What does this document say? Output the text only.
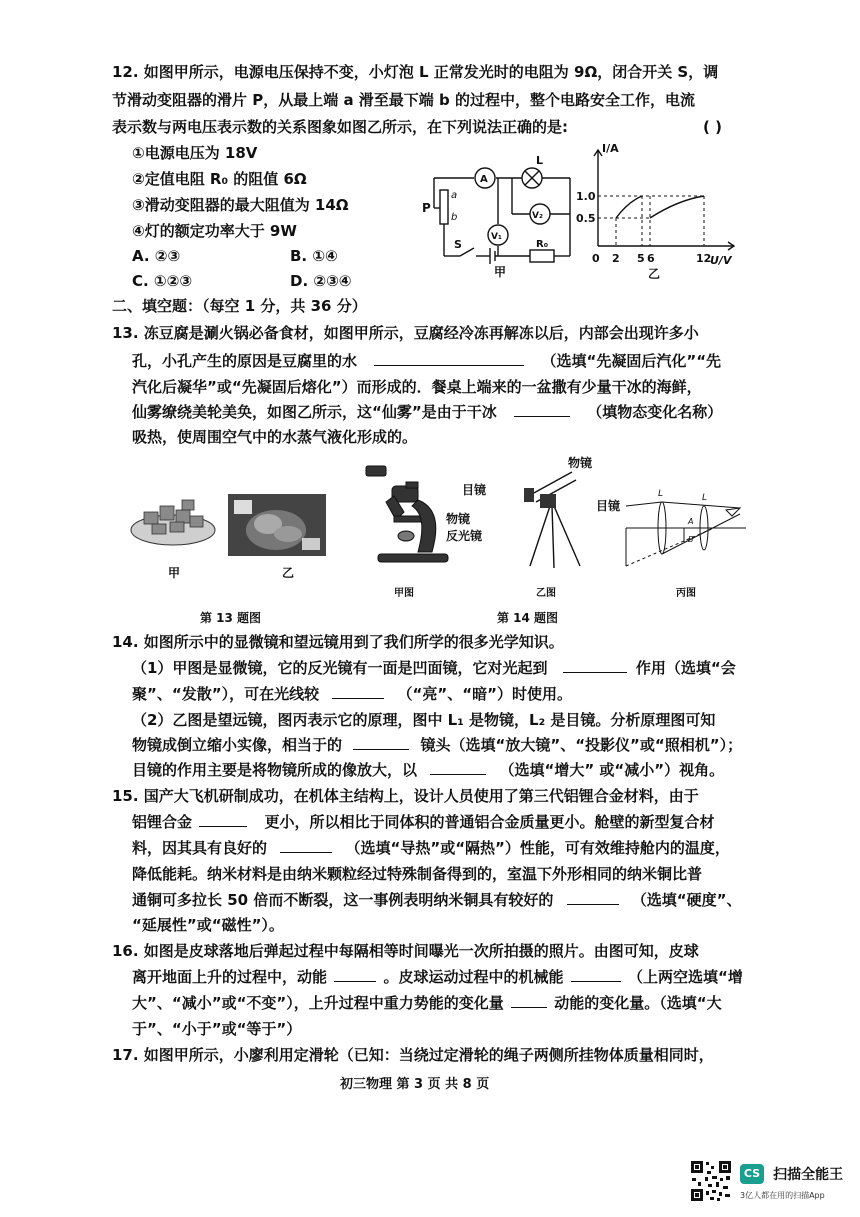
12. 如图甲所示，电源电压保持不变，小灯泡 L 正常发光时的电阻为 9Ω，闭合开关 S，调
节滑动变阻器的滑片 P，从最上端 a 滑至最下端 b 的过程中，整个电路安全工作，电流
表示数与两电压表示数的关系图象如图乙所示，在下列说法正确的是:	( )
①电源电压为 18V
②定值电阻 R₀ 的阻值 6Ω
③滑动变阻器的最大阻值为 14Ω
④灯的额定功率大于 9W
A. ②③	B. ①④
C. ①②③	D. ②③④
A
L
V₂
V₁
R₀
a
b
P
S
甲
I/A
U/V
1.0
0.5
0 2 5 6	12
乙
二、填空题：（每空 1 分，共 36 分）
13. 冻豆腐是涮火锅必备食材，如图甲所示，豆腐经冷冻再解冻以后，内部会出现许多小
孔，小孔产生的原因是豆腐里的水	（选填“先凝固后汽化”“先
汽化后凝华”或“先凝固后熔化”）而形成的．餐桌上端来的一盆撒有少量干冰的海鲜，
仙雾缭绕美轮美奂，如图乙所示，这“仙雾”是由于干冰	（填物态变化名称）
吸热，使周围空气中的水蒸气液化形成的。
甲	乙
目镜
物镜
反光镜
甲图
物镜
目镜
乙图
L	L
A
B
丙图
第 13 题图	第 14 题图
14. 如图所示中的显微镜和望远镜用到了我们所学的很多光学知识。
（1）甲图是显微镜，它的反光镜有一面是凹面镜，它对光起到	作用（选填“会
聚”、“发散”），可在光线较	（“亮”、“暗”）时使用。
（2）乙图是望远镜，图丙表示它的原理，图中 L₁ 是物镜，L₂ 是目镜。分析原理图可知
物镜成倒立缩小实像，相当于的	镜头（选填“放大镜”、“投影仪”或“照相机”）；
目镜的作用主要是将物镜所成的像放大，以	（选填“增大” 或“减小”）视角。
15. 国产大飞机研制成功，在机体主结构上，设计人员使用了第三代铝锂合金材料，由于
铝锂合金	更小，所以相比于同体积的普通铝合金质量更小。舱壁的新型复合材
料，因其具有良好的	（选填“导热”或“隔热”）性能，可有效维持舱内的温度，
降低能耗。纳米材料是由纳米颗粒经过特殊制备得到的，室温下外形相同的纳米铜比普
通铜可多拉长 50 倍而不断裂，这一事例表明纳米铜具有较好的	（选填“硬度”、
“延展性”或“磁性”）。
16. 如图是皮球落地后弹起过程中每隔相等时间曝光一次所拍摄的照片。由图可知，皮球
离开地面上升的过程中，动能	。皮球运动过程中的机械能	（上两空选填“增
大”、“减小”或“不变”），上升过程中重力势能的变化量	动能的变化量。（选填“大
于”、“小于”或“等于”）
17. 如图甲所示，小廖利用定滑轮（已知：当绕过定滑轮的绳子两侧所挂物体质量相同时，
初三物理 第 3 页 共 8 页
CS 扫描全能王
3亿人都在用的扫描App
